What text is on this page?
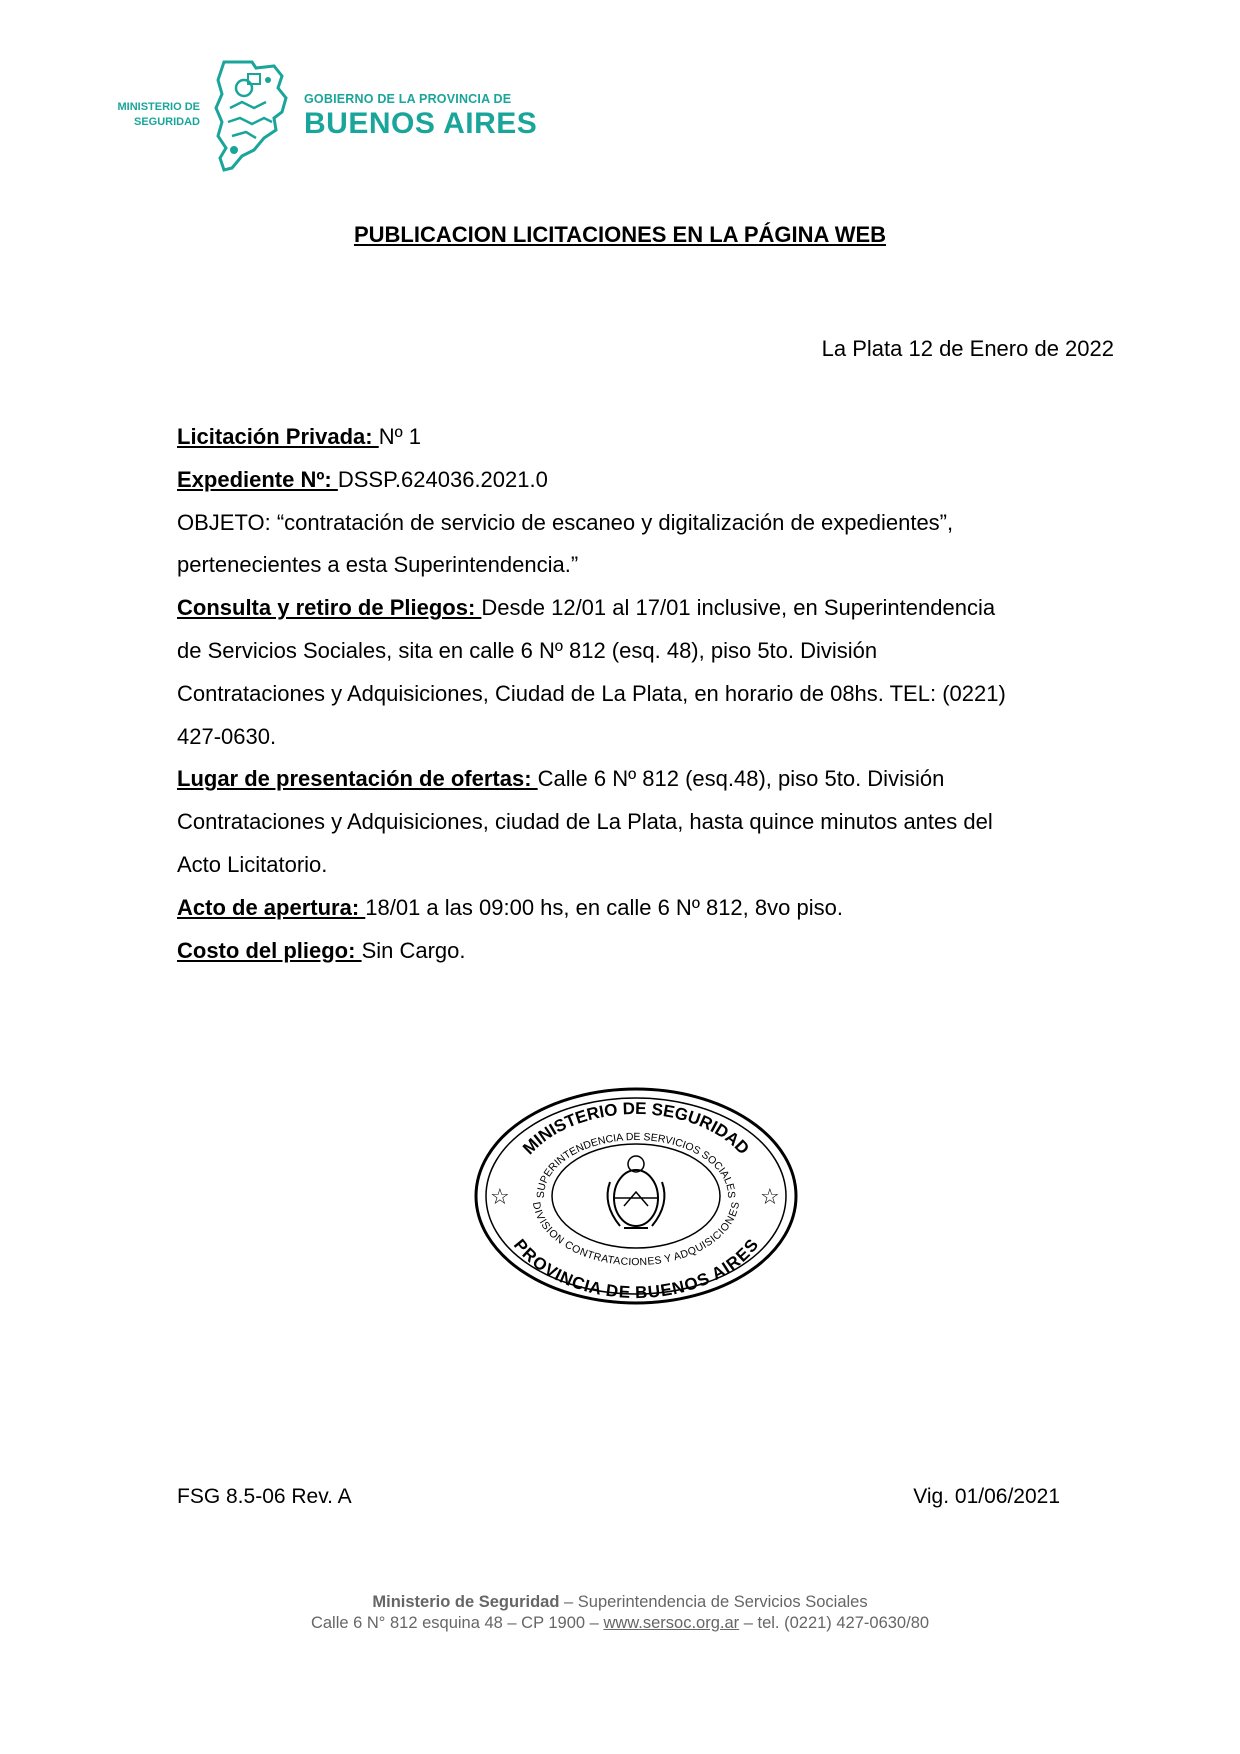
MINISTERIO DE
SEGURIDAD
GOBIERNO DE LA PROVINCIA DE
BUENOS AIRES
PUBLICACION LICITACIONES EN LA PÁGINA WEB
La Plata 12 de Enero de 2022

Licitación Privada: Nº 1

Expediente Nº: DSSP.624036.2021.0

OBJETO: “contratación de servicio de escaneo y digitalización de expedientes”,

pertenecientes a esta Superintendencia.”

Consulta y retiro de Pliegos: Desde 12/01 al 17/01 inclusive, en Superintendencia

de Servicios Sociales, sita en calle 6 Nº 812 (esq. 48), piso 5to. División

Contrataciones y Adquisiciones, Ciudad de La Plata, en horario de 08hs. TEL: (0221)

427-0630.

Lugar de presentación de ofertas: Calle 6 Nº 812 (esq.48), piso 5to. División

Contrataciones y Adquisiciones, ciudad de La Plata, hasta quince minutos antes del

Acto Licitatorio.

Acto de apertura: 18/01 a las 09:00 hs, en calle 6 Nº 812, 8vo piso.

Costo del pliego: Sin Cargo.

MINISTERIO DE SEGURIDAD
PROVINCIA DE BUENOS AIRES
SUPERINTENDENCIA DE SERVICIOS SOCIALES
DIVISION CONTRATACIONES Y ADQUISICIONES
☆	☆
FSG 8.5-06 Rev. A	Vig. 01/06/2021
Ministerio de Seguridad – Superintendencia de Servicios Sociales
Calle 6 N° 812 esquina 48 – CP 1900 – www.sersoc.org.ar – tel. (0221) 427-0630/80
